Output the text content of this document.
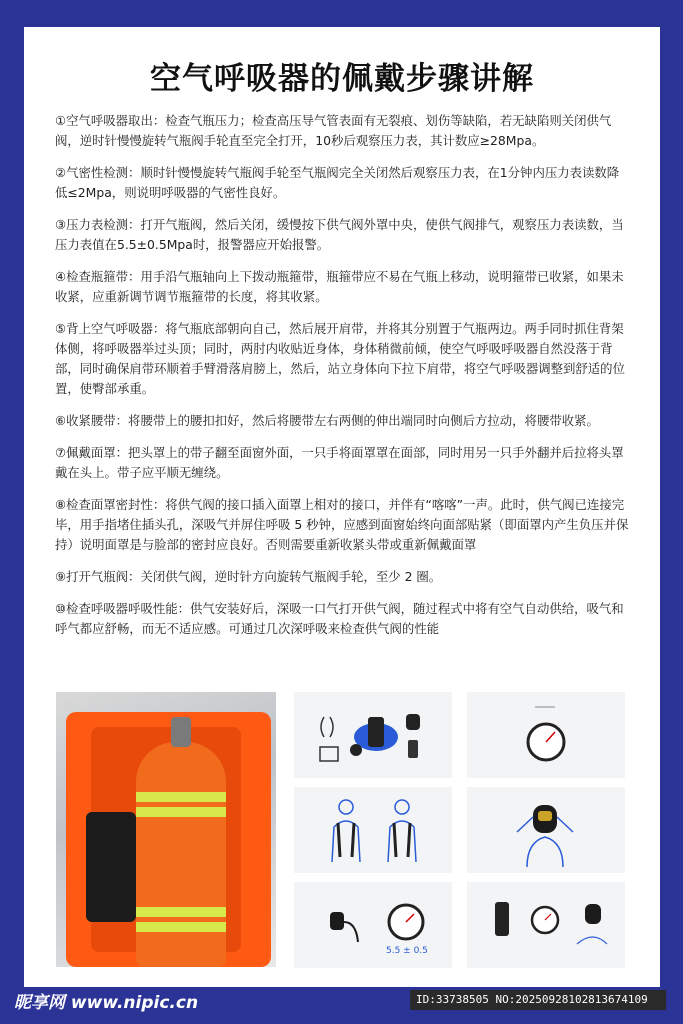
空气呼吸器的佩戴步骤讲解

①空气呼吸器取出：检查气瓶压力；检查高压导气管表面有无裂痕、划伤等缺陷，若无缺陷则关闭供气阀，逆时针慢慢旋转气瓶阀手轮直至完全打开，10秒后观察压力表，其计数应≥28Mpa。

②气密性检测：顺时针慢慢旋转气瓶阀手轮至气瓶阀完全关闭然后观察压力表，在1分钟内压力表读数降低≤2Mpa，则说明呼吸器的气密性良好。

③压力表检测：打开气瓶阀，然后关闭，缓慢按下供气阀外罩中央，使供气阀排气，观察压力表读数，当压力表值在5.5±0.5Mpa时，报警器应开始报警。

④检查瓶箍带：用手沿气瓶轴向上下拨动瓶箍带，瓶箍带应不易在气瓶上移动，说明箍带已收紧，如果未收紧，应重新调节调节瓶箍带的长度，将其收紧。

⑤背上空气呼吸器：将气瓶底部朝向自己，然后展开肩带，并将其分别置于气瓶两边。两手同时抓住背架体侧，将呼吸器举过头顶；同时，两肘内收贴近身体，身体稍微前倾，使空气呼吸呼吸器自然没落于背部，同时确保肩带环顺着手臂滑落肩膀上，然后，站立身体向下拉下肩带，将空气呼吸器调整到舒适的位置，使臀部承重。

⑥收紧腰带：将腰带上的腰扣扣好，然后将腰带左右两侧的伸出端同时向侧后方拉动，将腰带收紧。

⑦佩戴面罩：把头罩上的带子翻至面窗外面，一只手将面罩罩在面部，同时用另一只手外翻并后拉将头罩戴在头上。带子应平顺无缠绕。

⑧检查面罩密封性：将供气阀的接口插入面罩上相对的接口，并伴有“喀喀”一声。此时，供气阀已连接完毕，用手指堵住插头孔，深吸气并屏住呼吸 5 秒钟，应感到面窗始终向面部贴紧（即面罩内产生负压并保持）说明面罩是与脸部的密封应良好。否则需要重新收紧头带或重新佩戴面罩

⑨打开气瓶阀：关闭供气阀，逆时针方向旋转气瓶阀手轮，至少 2 圈。

⑩检查呼吸器呼吸性能：供气安装好后，深吸一口气打开供气阀，随过程式中将有空气自动供给，吸气和呼气都应舒畅，而无不适应感。可通过几次深呼吸来检查供气阀的性能

5.5 ± 0.5
昵享网 www.nipic.cn	ID:33738505 NO:20250928102813674109
